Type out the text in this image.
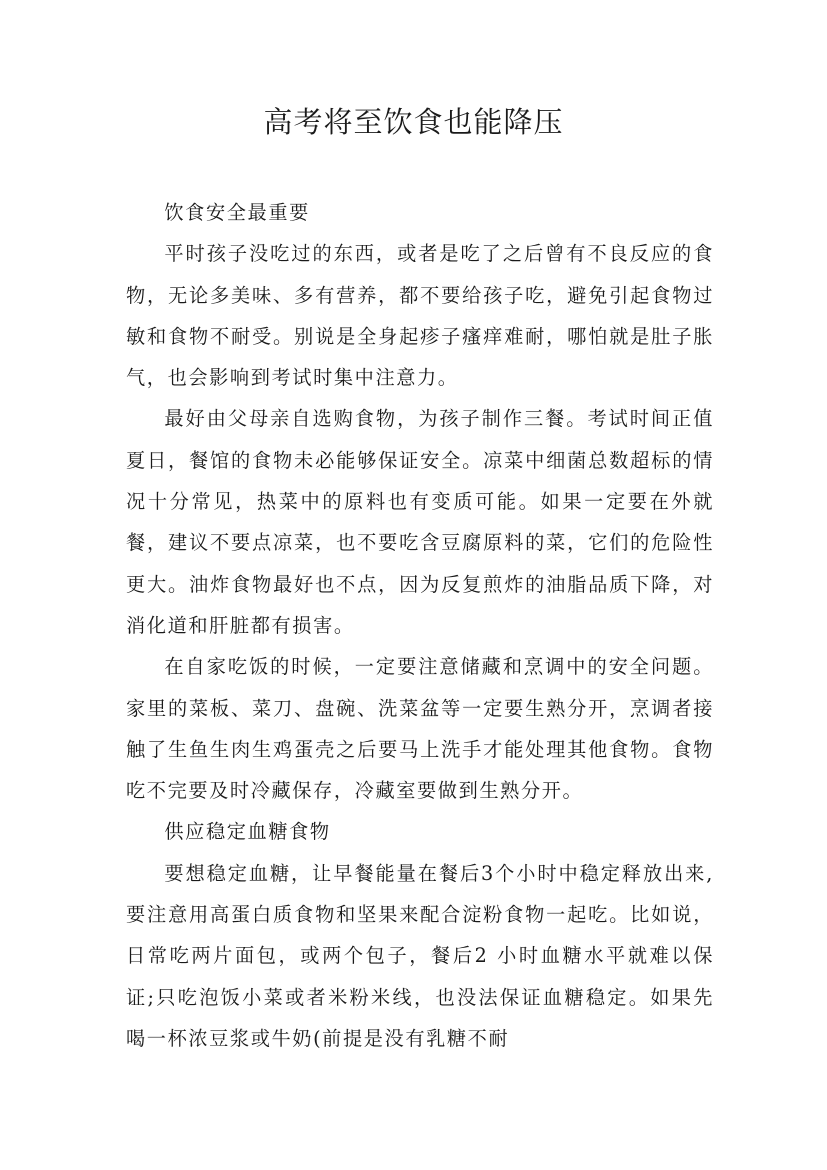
高考将至饮食也能降压

饮食安全最重要

平时孩子没吃过的东西，或者是吃了之后曾有不良反应的食物，无论多美味、多有营养，都不要给孩子吃，避免引起食物过敏和食物不耐受。别说是全身起疹子瘙痒难耐，哪怕就是肚子胀气，也会影响到考试时集中注意力。

最好由父母亲自选购食物，为孩子制作三餐。考试时间正值夏日，餐馆的食物未必能够保证安全。凉菜中细菌总数超标的情况十分常见，热菜中的原料也有变质可能。如果一定要在外就餐，建议不要点凉菜，也不要吃含豆腐原料的菜，它们的危险性更大。油炸食物最好也不点，因为反复煎炸的油脂品质下降，对消化道和肝脏都有损害。

在自家吃饭的时候，一定要注意储藏和烹调中的安全问题。家里的菜板、菜刀、盘碗、洗菜盆等一定要生熟分开，烹调者接触了生鱼生肉生鸡蛋壳之后要马上洗手才能处理其他食物。食物吃不完要及时冷藏保存，冷藏室要做到生熟分开。

供应稳定血糖食物

要想稳定血糖，让早餐能量在餐后3个小时中稳定释放出来,要注意用高蛋白质食物和坚果来配合淀粉食物一起吃。比如说，日常吃两片面包，或两个包子，餐后2 小时血糖水平就难以保证;只吃泡饭小菜或者米粉米线，也没法保证血糖稳定。如果先喝一杯浓豆浆或牛奶(前提是没有乳糖不耐
